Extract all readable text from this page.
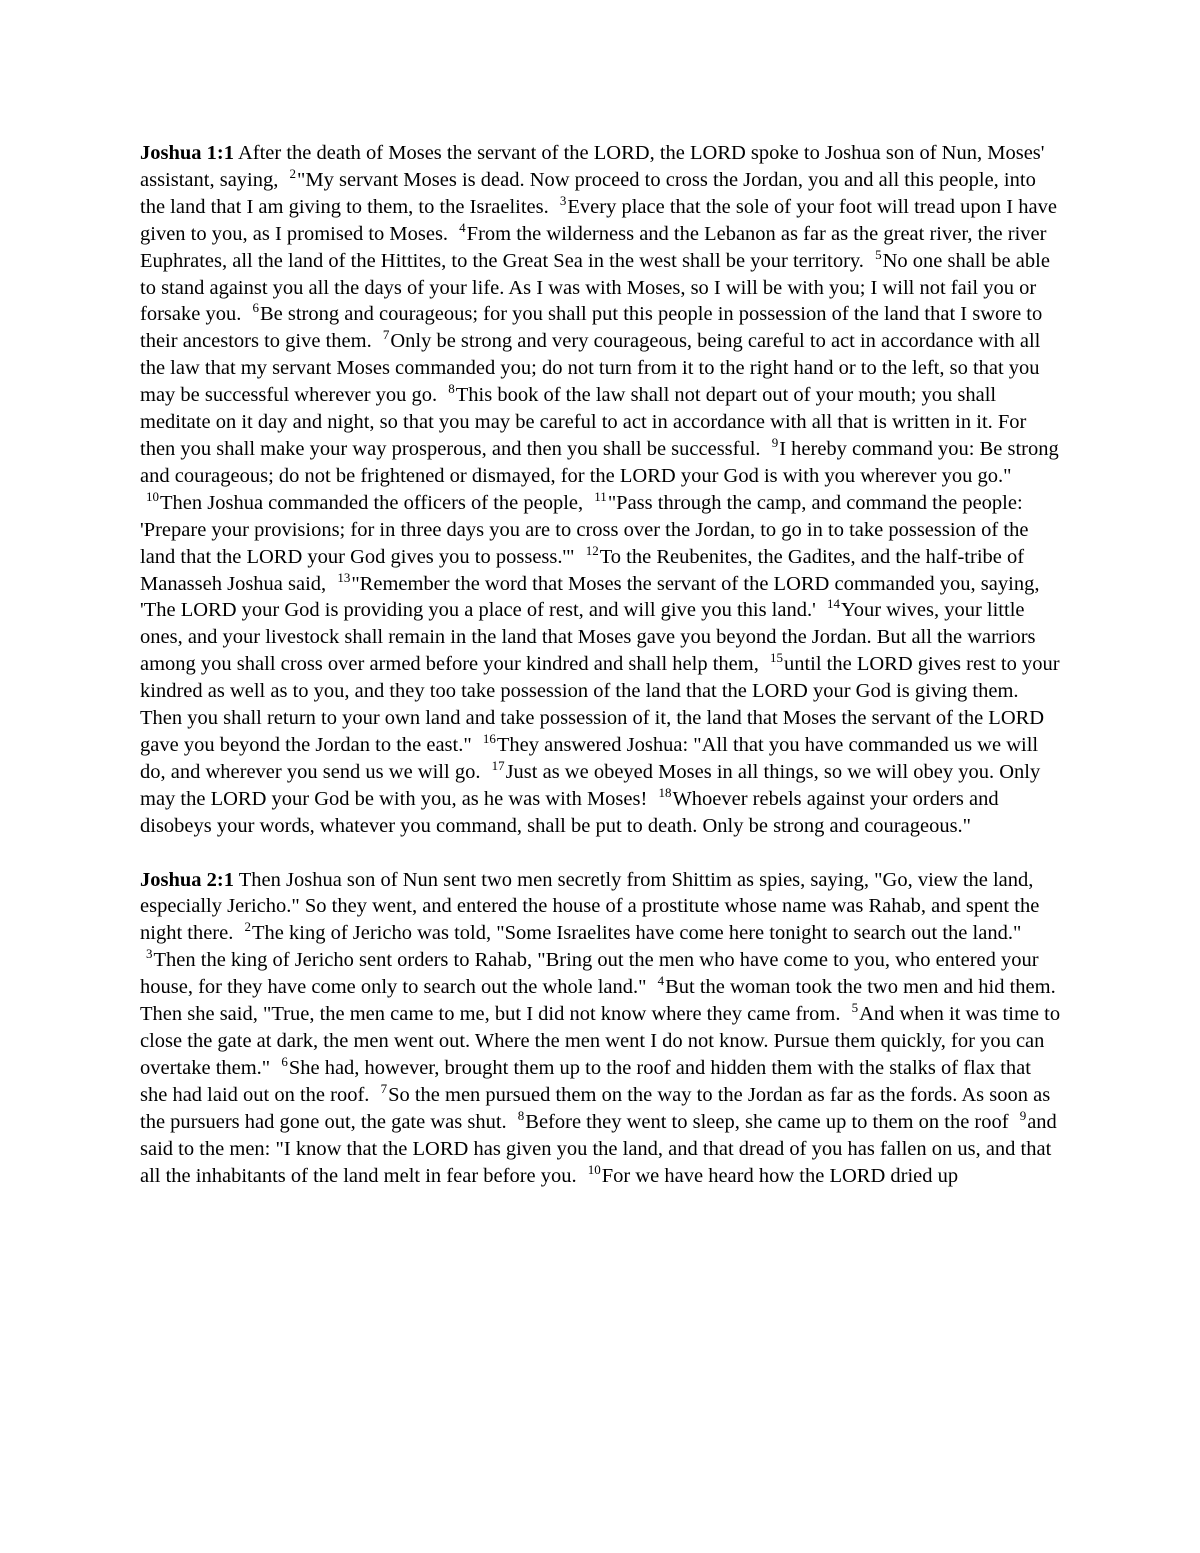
Joshua 1:1 After the death of Moses the servant of the LORD, the LORD spoke to Joshua son of Nun, Moses' assistant, saying, $^2$"My servant Moses is dead. Now proceed to cross the Jordan, you and all this people, into the land that I am giving to them, to the Israelites. $^3$Every place that the sole of your foot will tread upon I have given to you, as I promised to Moses. $^4$From the wilderness and the Lebanon as far as the great river, the river Euphrates, all the land of the Hittites, to the Great Sea in the west shall be your territory. $^5$No one shall be able to stand against you all the days of your life. As I was with Moses, so I will be with you; I will not fail you or forsake you. $^6$Be strong and courageous; for you shall put this people in possession of the land that I swore to their ancestors to give them. $^7$Only be strong and very courageous, being careful to act in accordance with all the law that my servant Moses commanded you; do not turn from it to the right hand or to the left, so that you may be successful wherever you go. $^8$This book of the law shall not depart out of your mouth; you shall meditate on it day and night, so that you may be careful to act in accordance with all that is written in it. For then you shall make your way prosperous, and then you shall be successful. $^9$I hereby command you: Be strong and courageous; do not be frightened or dismayed, for the LORD your God is with you wherever you go." $^{10}$Then Joshua commanded the officers of the people, $^{11}$"Pass through the camp, and command the people: 'Prepare your provisions; for in three days you are to cross over the Jordan, to go in to take possession of the land that the LORD your God gives you to possess.'" $^{12}$To the Reubenites, the Gadites, and the half-tribe of Manasseh Joshua said, $^{13}$"Remember the word that Moses the servant of the LORD commanded you, saying, 'The LORD your God is providing you a place of rest, and will give you this land.' $^{14}$Your wives, your little ones, and your livestock shall remain in the land that Moses gave you beyond the Jordan. But all the warriors among you shall cross over armed before your kindred and shall help them, $^{15}$until the LORD gives rest to your kindred as well as to you, and they too take possession of the land that the LORD your God is giving them. Then you shall return to your own land and take possession of it, the land that Moses the servant of the LORD gave you beyond the Jordan to the east." $^{16}$They answered Joshua: "All that you have commanded us we will do, and wherever you send us we will go. $^{17}$Just as we obeyed Moses in all things, so we will obey you. Only may the LORD your God be with you, as he was with Moses! $^{18}$Whoever rebels against your orders and disobeys your words, whatever you command, shall be put to death. Only be strong and courageous."

Joshua 2:1 Then Joshua son of Nun sent two men secretly from Shittim as spies, saying, "Go, view the land, especially Jericho." So they went, and entered the house of a prostitute whose name was Rahab, and spent the night there. $^2$The king of Jericho was told, "Some Israelites have come here tonight to search out the land." $^3$Then the king of Jericho sent orders to Rahab, "Bring out the men who have come to you, who entered your house, for they have come only to search out the whole land." $^4$But the woman took the two men and hid them. Then she said, "True, the men came to me, but I did not know where they came from. $^5$And when it was time to close the gate at dark, the men went out. Where the men went I do not know. Pursue them quickly, for you can overtake them." $^6$She had, however, brought them up to the roof and hidden them with the stalks of flax that she had laid out on the roof. $^7$So the men pursued them on the way to the Jordan as far as the fords. As soon as the pursuers had gone out, the gate was shut. $^8$Before they went to sleep, she came up to them on the roof $^9$and said to the men: "I know that the LORD has given you the land, and that dread of you has fallen on us, and that all the inhabitants of the land melt in fear before you. $^{10}$For we have heard how the LORD dried up
